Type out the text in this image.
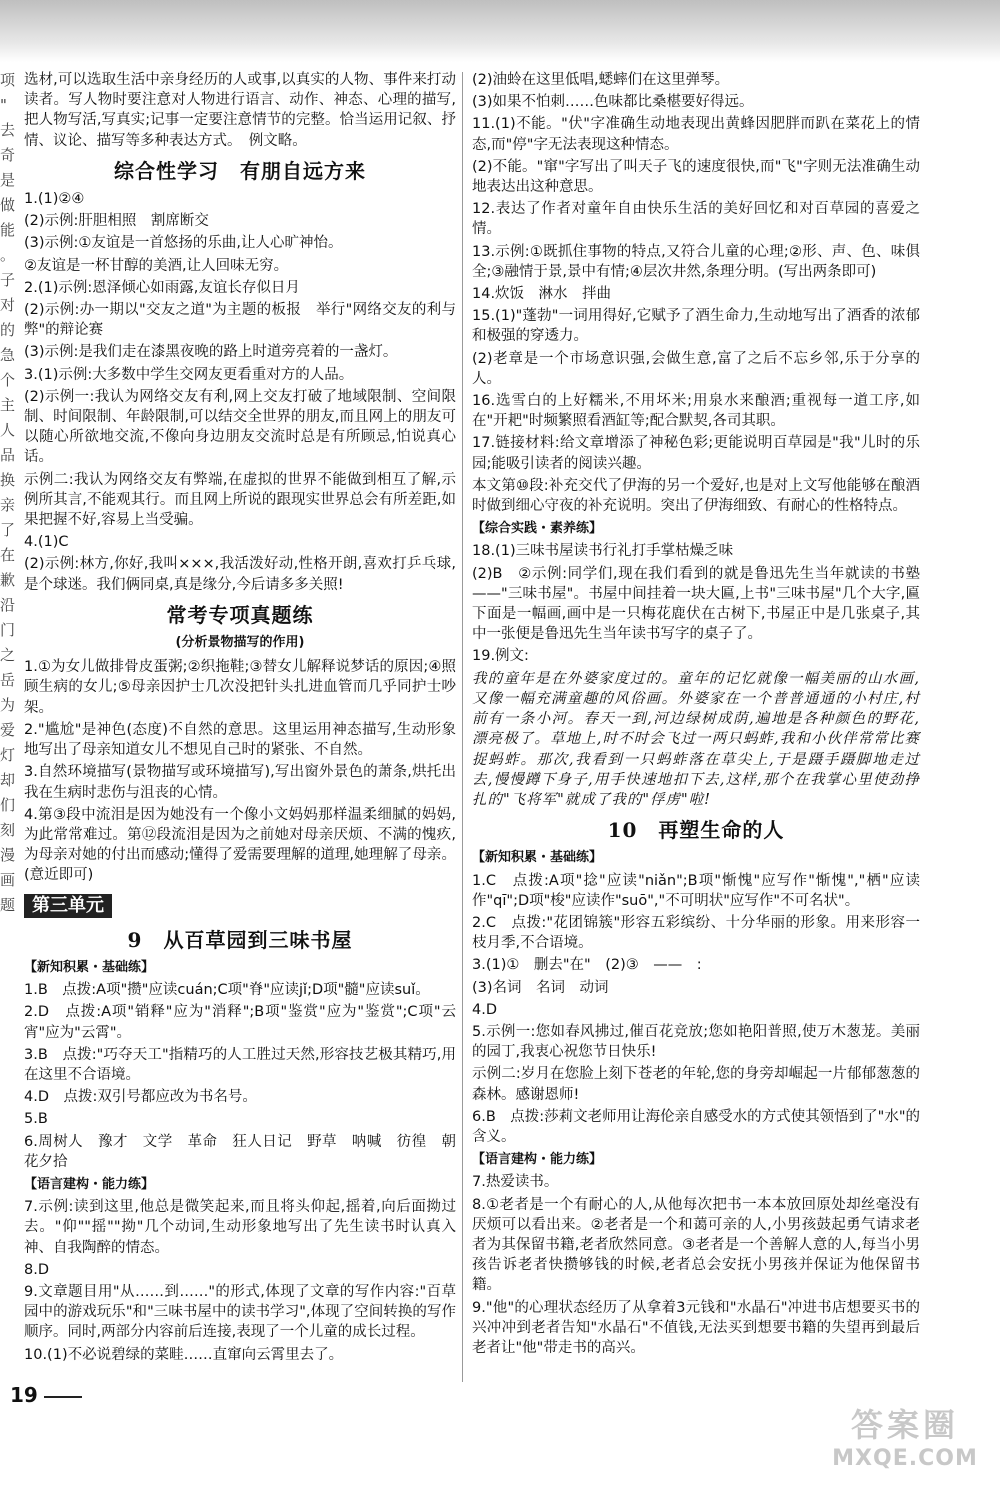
项
"
去
奇
是
做
能
。
子
对
的
急
个
主
人
品
换
亲
了
在
歉
沿
门
之
岳
为
爱
灯
却
们
刻
漫
画
题

选材,可以选取生活中亲身经历的人或事,以真实的人物、事件来打动读者。写人物时要注意对人物进行语言、动作、神态、心理的描写,把人物写活,写真实;记事一定要注意情节的完整。恰当运用记叙、抒情、议论、描写等多种表达方式。　例文略。

综合性学习　有朋自远方来

1.(1)②④

(2)示例:肝胆相照　割席断交

(3)示例:①友谊是一首悠扬的乐曲,让人心旷神怡。

②友谊是一杯甘醇的美酒,让人回味无穷。

2.(1)示例:恩泽倾心如雨露,友谊长存似日月

(2)示例:办一期以"交友之道"为主题的板报　举行"网络交友的利与弊"的辩论赛

(3)示例:是我们走在漆黑夜晚的路上时道旁亮着的一盏灯。

3.(1)示例:大多数中学生交网友更看重对方的人品。

(2)示例一:我认为网络交友有利,网上交友打破了地域限制、空间限制、时间限制、年龄限制,可以结交全世界的朋友,而且网上的朋友可以随心所欲地交流,不像向身边朋友交流时总是有所顾忌,怕说真心话。

示例二:我认为网络交友有弊端,在虚拟的世界不能做到相互了解,示例所其言,不能观其行。而且网上所说的跟现实世界总会有所差距,如果把握不好,容易上当受骗。

4.(1)C

(2)示例:林方,你好,我叫×××,我活泼好动,性格开朗,喜欢打乒乓球,是个球迷。我们俩同桌,真是缘分,今后请多多关照!

常考专项真题练
(分析景物描写的作用)

1.①为女儿做排骨皮蛋粥;②织拖鞋;③替女儿解释说梦话的原因;④照顾生病的女儿;⑤母亲因护士几次没把针头扎进血管而几乎同护士吵架。

2."尴尬"是神色(态度)不自然的意思。这里运用神态描写,生动形象地写出了母亲知道女儿不想见自己时的紧张、不自然。

3.自然环境描写(景物描写或环境描写),写出窗外景色的萧条,烘托出我在生病时悲伤与沮丧的心情。

4.第③段中流泪是因为她没有一个像小文妈妈那样温柔细腻的妈妈,为此常常难过。第⑫段流泪是因为之前她对母亲厌烦、不满的愧疚,为母亲对她的付出而感动;懂得了爱需要理解的道理,她理解了母亲。(意近即可)

第三单元
9　从百草园到三味书屋
【新知积累・基础练】

1.B　点拨:A项"攒"应读cuán;C项"脊"应读jǐ;D项"髓"应读suǐ。

2.D　点拨:A项"销释"应为"消释";B项"鉴赏"应为"鉴赏";C项"云宵"应为"云霄"。

3.B　点拨:"巧夺天工"指精巧的人工胜过天然,形容技艺极其精巧,用在这里不合语境。

4.D　点拨:双引号都应改为书名号。

5.B

6.周树人　豫才　文学　革命　狂人日记　野草　呐喊　彷徨　朝花夕拾

【语言建构・能力练】

7.示例:读到这里,他总是微笑起来,而且将头仰起,摇着,向后面拗过去。"仰""摇""拗"几个动词,生动形象地写出了先生读书时认真入神、自我陶醉的情态。

8.D

9.文章题目用"从……到……"的形式,体现了文章的写作内容:"百草园中的游戏玩乐"和"三味书屋中的读书学习",体现了空间转换的写作顺序。同时,两部分内容前后连接,表现了一个儿童的成长过程。

10.(1)不必说碧绿的菜畦……直窜向云霄里去了。

(2)油蛉在这里低唱,蟋蟀们在这里弹琴。

(3)如果不怕刺……色味都比桑椹要好得远。

11.(1)不能。"伏"字准确生动地表现出黄蜂因肥胖而趴在菜花上的情态,而"停"字无法表现这种情态。

(2)不能。"窜"字写出了叫天子飞的速度很快,而"飞"字则无法准确生动地表达出这种意思。

12.表达了作者对童年自由快乐生活的美好回忆和对百草园的喜爱之情。

13.示例:①既抓住事物的特点,又符合儿童的心理;②形、声、色、味俱全;③融情于景,景中有情;④层次井然,条理分明。(写出两条即可)

14.炊饭　淋水　拌曲

15.(1)"蓬勃"一词用得好,它赋予了酒生命力,生动地写出了酒香的浓郁和极强的穿透力。

(2)老章是一个市场意识强,会做生意,富了之后不忘乡邻,乐于分享的人。

16.选雪白的上好糯米,不用坏米;用泉水来酿酒;重视每一道工序,如在"开耙"时频繁照看酒缸等;配合默契,各司其职。

17.链接材料:给文章增添了神秘色彩;更能说明百草园是"我"儿时的乐园;能吸引读者的阅读兴趣。

本文第⑩段:补充交代了伊海的另一个爱好,也是对上文写他能够在酿酒时做到细心守夜的补充说明。突出了伊海细致、有耐心的性格特点。

【综合实践・素养练】

18.(1)三味书屋读书行礼打手掌枯燥乏味

(2)B　②示例:同学们,现在我们看到的就是鲁迅先生当年就读的书塾——"三味书屋"。书屋中间挂着一块大匾,上书"三味书屋"几个大字,匾下面是一幅画,画中是一只梅花鹿伏在古树下,书屋正中是几张桌子,其中一张便是鲁迅先生当年读书写字的桌子了。

19.例文:

我的童年是在外婆家度过的。童年的记忆就像一幅美丽的山水画,又像一幅充满童趣的风俗画。外婆家在一个普普通通的小村庄,村前有一条小河。春天一到,河边绿树成荫,遍地是各种颜色的野花,漂亮极了。草地上,时不时会飞过一两只蚂蚱,我和小伙伴常常比赛捉蚂蚱。那次,我看到一只蚂蚱落在草尖上,于是蹑手蹑脚地走过去,慢慢蹲下身子,用手快速地扣下去,这样,那个在我掌心里使劲挣扎的"飞将军"就成了我的"俘虏"啦!

10　再塑生命的人
【新知积累・基础练】

1.C　点拨:A项"捻"应读"niǎn";B项"惭愧"应写作"惭愧","栖"应读作"qī";D项"梭"应读作"suō","不可明状"应写作"不可名状"。

2.C　点拨:"花团锦簇"形容五彩缤纷、十分华丽的形象。用来形容一枝月季,不合语境。

3.(1)①　删去"在"　(2)③　——　:

(3)名词　名词　动词

4.D

5.示例一:您如春风拂过,催百花竞放;您如艳阳普照,使万木葱茏。美丽的园丁,我衷心祝您节日快乐!

示例二:岁月在您脸上刻下苍老的年轮,您的身旁却崛起一片郁郁葱葱的森林。感谢恩师!

6.B　点拨:莎莉文老师用让海伦亲自感受水的方式使其领悟到了"水"的含义。

【语言建构・能力练】

7.热爱读书。

8.①老者是一个有耐心的人,从他每次把书一本本放回原处却丝毫没有厌烦可以看出来。②老者是一个和蔼可亲的人,小男孩鼓起勇气请求老者为其保留书籍,老者欣然同意。③老者是一个善解人意的人,每当小男孩告诉老者快攒够钱的时候,老者总会安抚小男孩并保证为他保留书籍。

9."他"的心理状态经历了从拿着3元钱和"水晶石"冲进书店想要买书的兴冲冲到老者告知"水晶石"不值钱,无法买到想要书籍的失望再到最后老者让"他"带走书的高兴。

19
答案圈
MXQE.COM
